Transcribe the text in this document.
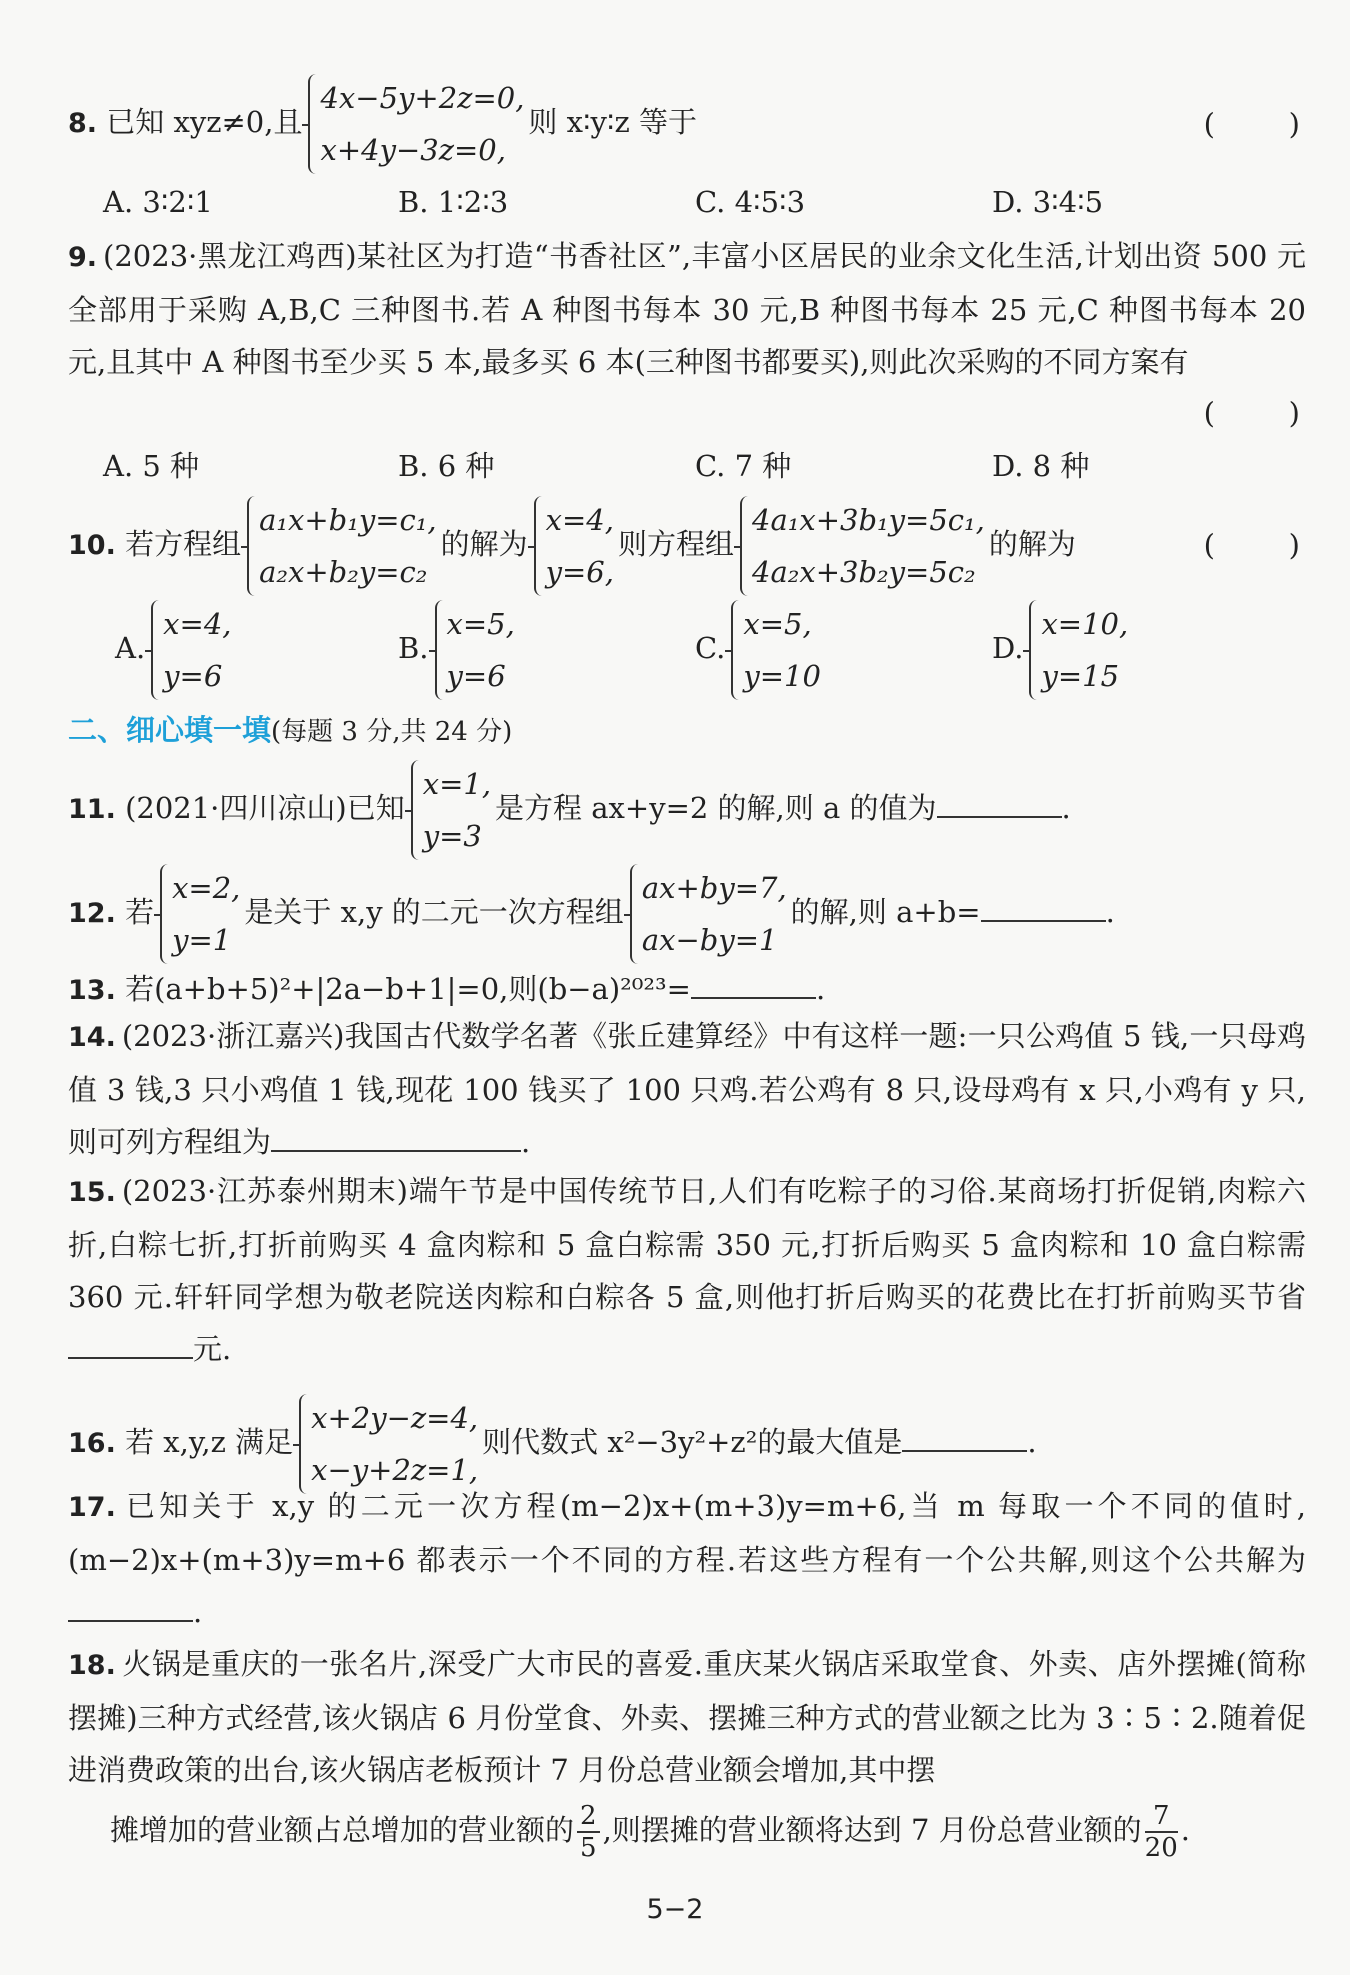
8. 已知 xyz≠0,且
4x−5y+2z=0,
x+4y−3z=0,
则 x∶y∶z 等于	(        )
A. 3∶2∶1	B. 1∶2∶3	C. 4∶5∶3	D. 3∶4∶5
9. (2023·黑龙江鸡西)某社区为打造“书香社区”,丰富小区居民的业余文化生活,计划出资 500 元全部用于采购 A,B,C 三种图书.若 A 种图书每本 30 元,B 种图书每本 25 元,C 种图书每本 20 元,且其中 A 种图书至少买 5 本,最多买 6 本(三种图书都要买),则此次采购的不同方案有
(        )
A. 5 种	B. 6 种	C. 7 种	D. 8 种
10. 若方程组
a₁x+b₁y=c₁,
a₂x+b₂y=c₂
的解为
x=4,
y=6,
则方程组
4a₁x+3b₁y=5c₁,
4a₂x+3b₂y=5c₂
的解为	(        )
A.
x=4,
y=6
B.
x=5,
y=6
C.
x=5,
y=10
D.
x=10,
y=15
二、细心填一填(每题 3 分,共 24 分)
11. (2021·四川凉山)已知
x=1,
y=3
是方程 ax+y=2 的解,则 a 的值为	.
12. 若
x=2,
y=1
是关于 x,y 的二元一次方程组
ax+by=7,
ax−by=1
的解,则 a+b=	.
13. 若(a+b+5)²+|2a−b+1|=0,则(b−a)²⁰²³=	.
14. (2023·浙江嘉兴)我国古代数学名著《张丘建算经》中有这样一题:一只公鸡值 5 钱,一只母鸡值 3 钱,3 只小鸡值 1 钱,现花 100 钱买了 100 只鸡.若公鸡有 8 只,设母鸡有 x 只,小鸡有 y 只,则可列方程组为	.
15. (2023·江苏泰州期末)端午节是中国传统节日,人们有吃粽子的习俗.某商场打折促销,肉粽六折,白粽七折,打折前购买 4 盒肉粽和 5 盒白粽需 350 元,打折后购买 5 盒肉粽和 10 盒白粽需 360 元.轩轩同学想为敬老院送肉粽和白粽各 5 盒,则他打折后购买的花费比在打折前购买节省元.
16. 若 x,y,z 满足
x+2y−z=4,
x−y+2z=1,
则代数式 x²−3y²+z²的最大值是	.
17. 已知关于 x,y 的二元一次方程(m−2)x+(m+3)y=m+6,当 m 每取一个不同的值时,(m−2)x+(m+3)y=m+6 都表示一个不同的方程.若这些方程有一个公共解,则这个公共解为.
18. 火锅是重庆的一张名片,深受广大市民的喜爱.重庆某火锅店采取堂食、外卖、店外摆摊(简称摆摊)三种方式经营,该火锅店 6 月份堂食、外卖、摆摊三种方式的营业额之比为 3∶5∶2.随着促进消费政策的出台,该火锅店老板预计 7 月份总营业额会增加,其中摆
摊增加的营业额占总增加的营业额的 $\frac{2}{5}$ ,则摆摊的营业额将达到 7 月份总营业额的 $\frac{7}{20}$ .
5−2
